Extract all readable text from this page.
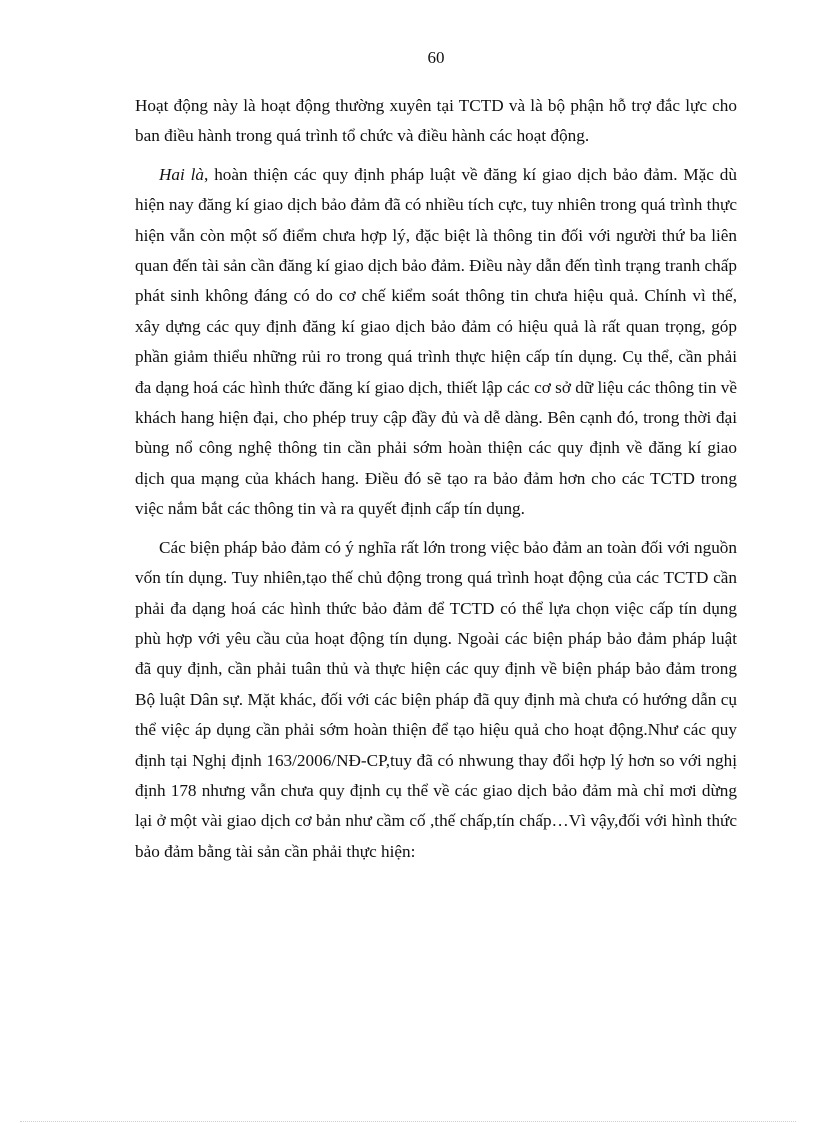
60

Hoạt động này là hoạt động thường xuyên tại TCTD và là bộ phận hỗ trợ đắc lực cho ban điều hành trong quá trình tổ chức và điều hành các hoạt động.

Hai là, hoàn thiện các quy định pháp luật về đăng kí giao dịch bảo đảm. Mặc dù hiện nay đăng kí giao dịch bảo đảm đã có nhiều tích cực, tuy nhiên trong quá trình thực hiện vẫn còn một số điểm chưa hợp lý, đặc biệt là thông tin đối với người thứ ba liên quan đến tài sản cần đăng kí giao dịch bảo đảm. Điều này dẫn đến tình trạng tranh chấp phát sinh không đáng có do cơ chế kiểm soát thông tin chưa hiệu quả. Chính vì thế, xây dựng các quy định đăng kí giao dịch bảo đảm có hiệu quả là rất quan trọng, góp phần giảm thiểu những rủi ro trong quá trình thực hiện cấp tín dụng. Cụ thể, cần phải đa dạng hoá các hình thức đăng kí giao dịch, thiết lập các cơ sở dữ liệu các thông tin về khách hang hiện đại, cho phép truy cập đầy đủ và dễ dàng. Bên cạnh đó, trong thời đại bùng nổ công nghệ thông tin cần phải sớm hoàn thiện các quy định về đăng kí giao dịch qua mạng của khách hang. Điều đó sẽ tạo ra bảo đảm hơn cho các TCTD trong việc nắm bắt các thông tin và ra quyết định cấp tín dụng.

Các biện pháp bảo đảm có ý nghĩa rất lớn trong việc bảo đảm an toàn đối với nguồn vốn tín dụng. Tuy nhiên,tạo thế chủ động trong quá trình hoạt động của các TCTD cần phải đa dạng hoá các hình thức bảo đảm để TCTD có thể lựa chọn việc cấp tín dụng phù hợp với yêu cầu của hoạt động tín dụng. Ngoài các biện pháp bảo đảm pháp luật đã quy định, cần phải tuân thủ và thực hiện các quy định về biện pháp bảo đảm trong Bộ luật Dân sự. Mặt khác, đối với các biện pháp đã quy định mà chưa có hướng dẫn cụ thể việc áp dụng cần phải sớm hoàn thiện để tạo hiệu quả cho hoạt động.Như các quy định tại Nghị định 163/2006/NĐ-CP,tuy đã có nhwung thay đổi hợp lý hơn so với nghị định 178 nhưng vẫn chưa quy định cụ thể về các giao dịch bảo đảm mà chỉ mơi dừng lại ở một vài giao dịch cơ bản như cầm cố ,thế chấp,tín chấp…Vì vậy,đối với hình thức bảo đảm bằng tài sản cần phải thực hiện:
